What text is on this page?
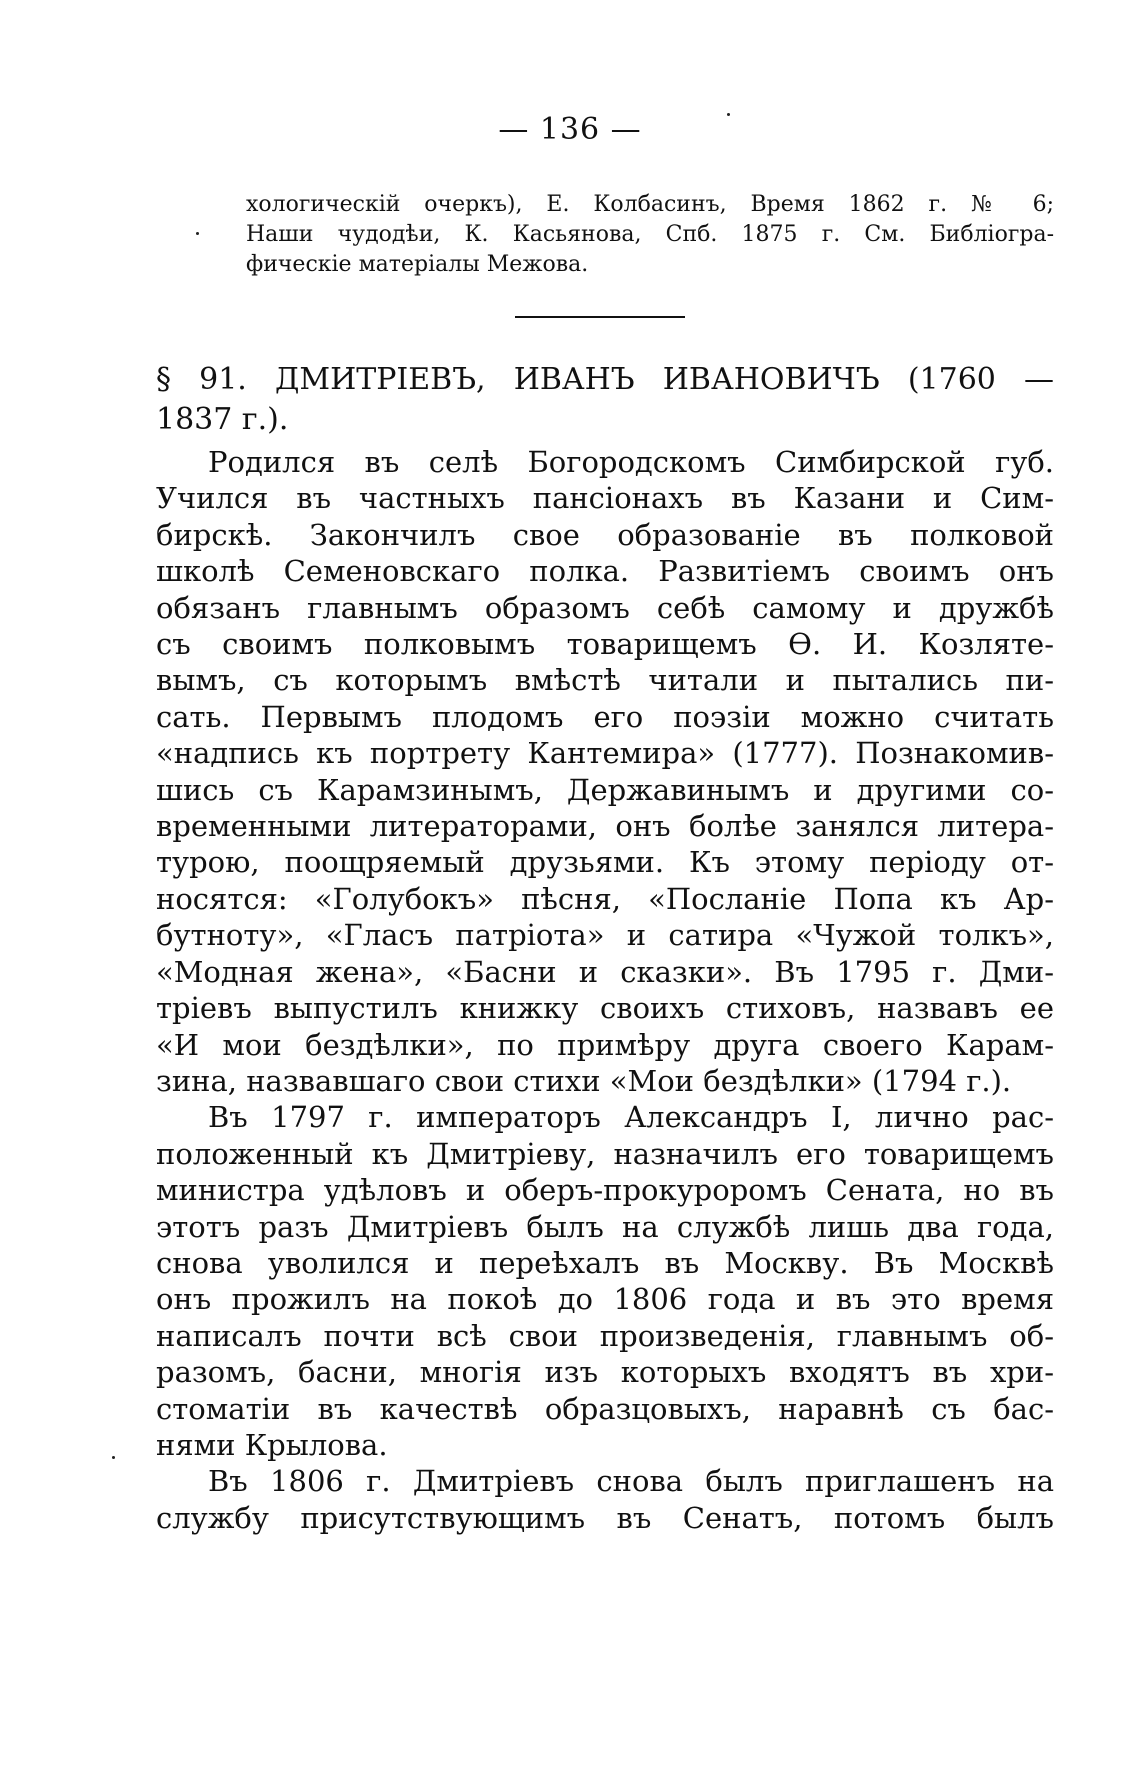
— 136 —
хологическій очеркъ), Е. Колбасинъ, Время 1862 г. № 6;
Наши чудодѣи, К. Касьянова, Спб. 1875 г. См. Библіогра-
фическіе матеріалы Межова.
§ 91. ДМИТРІЕВЪ, ИВАНЪ ИВАНОВИЧЪ (1760 —
1837 г.).
Родился въ селѣ Богородскомъ Симбирской губ.
Учился въ частныхъ пансіонахъ въ Казани и Сим-
бирскѣ. Закончилъ свое образованіе въ полковой
школѣ Семеновскаго полка. Развитіемъ своимъ онъ
обязанъ главнымъ образомъ себѣ самому и дружбѣ
съ своимъ полковымъ товарищемъ Ѳ. И. Козляте-
вымъ, съ которымъ вмѣстѣ читали и пытались пи-
сать. Первымъ плодомъ его поэзіи можно считать
«надпись къ портрету Кантемира» (1777). Познакомив-
шись съ Карамзинымъ, Державинымъ и другими со-
временными литераторами, онъ болѣе занялся литера-
турою, поощряемый друзьями. Къ этому періоду от-
носятся: «Голубокъ» пѣсня, «Посланіе Попа къ Ар-
бутноту», «Гласъ патріота» и сатира «Чужой толкъ»,
«Модная жена», «Басни и сказки». Въ 1795 г. Дми-
тріевъ выпустилъ книжку своихъ стиховъ, назвавъ ее
«И мои бездѣлки», по примѣру друга своего Карам-
зина, назвавшаго свои стихи «Мои бездѣлки» (1794 г.).
Въ 1797 г. императоръ Александръ I, лично рас-
положенный къ Дмитріеву, назначилъ его товарищемъ
министра удѣловъ и оберъ-прокуроромъ Сената, но въ
этотъ разъ Дмитріевъ былъ на службѣ лишь два года,
снова уволился и переѣхалъ въ Москву. Въ Москвѣ
онъ прожилъ на покоѣ до 1806 года и въ это время
написалъ почти всѣ свои произведенія, главнымъ об-
разомъ, басни, многія изъ которыхъ входятъ въ хри-
стоматіи въ качествѣ образцовыхъ, наравнѣ съ бас-
нями Крылова.
Въ 1806 г. Дмитріевъ снова былъ приглашенъ на
службу присутствующимъ въ Сенатъ, потомъ былъ
